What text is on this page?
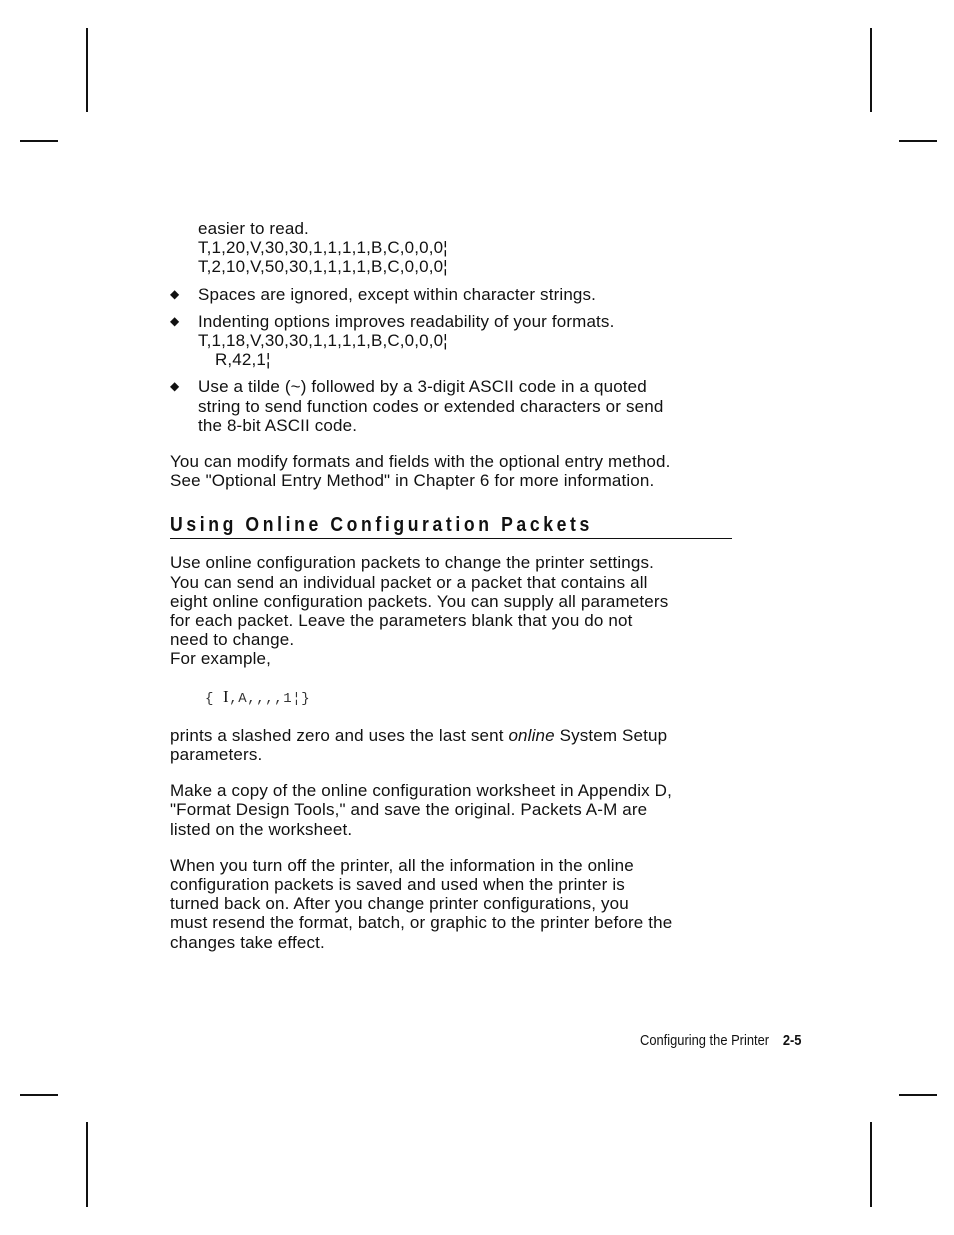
easier to read.

T,1,20,V,30,30,1,1,1,1,B,C,0,0,0¦

T,2,10,V,50,30,1,1,1,1,B,C,0,0,0¦

◆ Spaces are ignored, except within character strings.

◆ Indenting options improves readability of your formats.

T,1,18,V,30,30,1,1,1,1,B,C,0,0,0¦

R,42,1¦

◆ Use a tilde (~) followed by a 3-digit ASCII code in a quoted

string to send function codes or extended characters or send

the 8-bit ASCII code.

You can modify formats and fields with the optional entry method.

See "Optional Entry Method" in Chapter 6 for more information.

Using Online Configuration Packets

Use online configuration packets to change the printer settings.

You can send an individual packet or a packet that contains all

eight online configuration packets. You can supply all parameters

for each packet. Leave the parameters blank that you do not

need to change.

For example,

{ I,A,,,,1¦}

prints a slashed zero and uses the last sent online System Setup

parameters.

Make a copy of the online configuration worksheet in Appendix D,

"Format Design Tools," and save the original. Packets A-M are

listed on the worksheet.

When you turn off the printer, all the information in the online

configuration packets is saved and used when the printer is

turned back on. After you change printer configurations, you

must resend the format, batch, or graphic to the printer before the

changes take effect.

Configuring the Printer 2-5
